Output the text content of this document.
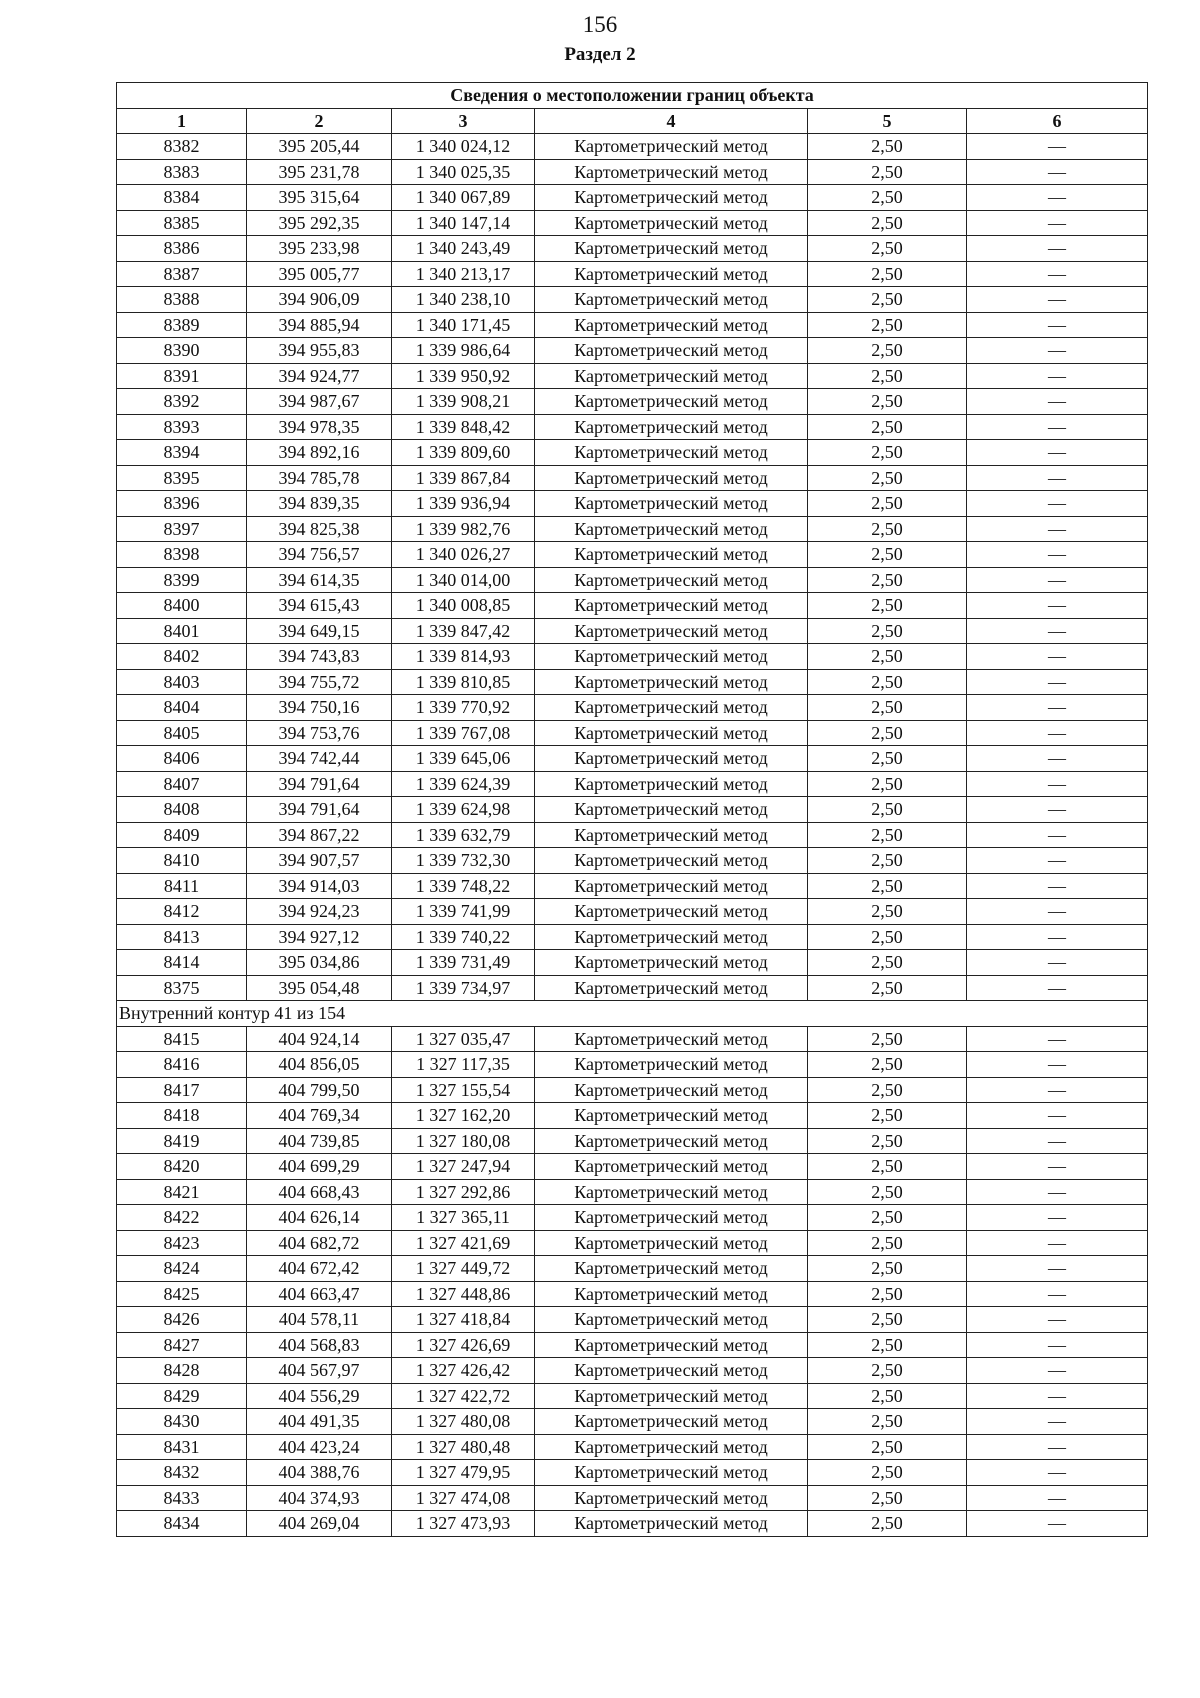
156
Раздел 2
Сведения о местоположении границ объекта					
1	2	3	4	5	6
8382	395 205,44	1 340 024,12	Картометрический метод	2,50	—
8383	395 231,78	1 340 025,35	Картометрический метод	2,50	—
8384	395 315,64	1 340 067,89	Картометрический метод	2,50	—
8385	395 292,35	1 340 147,14	Картометрический метод	2,50	—
8386	395 233,98	1 340 243,49	Картометрический метод	2,50	—
8387	395 005,77	1 340 213,17	Картометрический метод	2,50	—
8388	394 906,09	1 340 238,10	Картометрический метод	2,50	—
8389	394 885,94	1 340 171,45	Картометрический метод	2,50	—
8390	394 955,83	1 339 986,64	Картометрический метод	2,50	—
8391	394 924,77	1 339 950,92	Картометрический метод	2,50	—
8392	394 987,67	1 339 908,21	Картометрический метод	2,50	—
8393	394 978,35	1 339 848,42	Картометрический метод	2,50	—
8394	394 892,16	1 339 809,60	Картометрический метод	2,50	—
8395	394 785,78	1 339 867,84	Картометрический метод	2,50	—
8396	394 839,35	1 339 936,94	Картометрический метод	2,50	—
8397	394 825,38	1 339 982,76	Картометрический метод	2,50	—
8398	394 756,57	1 340 026,27	Картометрический метод	2,50	—
8399	394 614,35	1 340 014,00	Картометрический метод	2,50	—
8400	394 615,43	1 340 008,85	Картометрический метод	2,50	—
8401	394 649,15	1 339 847,42	Картометрический метод	2,50	—
8402	394 743,83	1 339 814,93	Картометрический метод	2,50	—
8403	394 755,72	1 339 810,85	Картометрический метод	2,50	—
8404	394 750,16	1 339 770,92	Картометрический метод	2,50	—
8405	394 753,76	1 339 767,08	Картометрический метод	2,50	—
8406	394 742,44	1 339 645,06	Картометрический метод	2,50	—
8407	394 791,64	1 339 624,39	Картометрический метод	2,50	—
8408	394 791,64	1 339 624,98	Картометрический метод	2,50	—
8409	394 867,22	1 339 632,79	Картометрический метод	2,50	—
8410	394 907,57	1 339 732,30	Картометрический метод	2,50	—
8411	394 914,03	1 339 748,22	Картометрический метод	2,50	—
8412	394 924,23	1 339 741,99	Картометрический метод	2,50	—
8413	394 927,12	1 339 740,22	Картометрический метод	2,50	—
8414	395 034,86	1 339 731,49	Картометрический метод	2,50	—
8375	395 054,48	1 339 734,97	Картометрический метод	2,50	—
Внутренний контур 41 из 154					
8415	404 924,14	1 327 035,47	Картометрический метод	2,50	—
8416	404 856,05	1 327 117,35	Картометрический метод	2,50	—
8417	404 799,50	1 327 155,54	Картометрический метод	2,50	—
8418	404 769,34	1 327 162,20	Картометрический метод	2,50	—
8419	404 739,85	1 327 180,08	Картометрический метод	2,50	—
8420	404 699,29	1 327 247,94	Картометрический метод	2,50	—
8421	404 668,43	1 327 292,86	Картометрический метод	2,50	—
8422	404 626,14	1 327 365,11	Картометрический метод	2,50	—
8423	404 682,72	1 327 421,69	Картометрический метод	2,50	—
8424	404 672,42	1 327 449,72	Картометрический метод	2,50	—
8425	404 663,47	1 327 448,86	Картометрический метод	2,50	—
8426	404 578,11	1 327 418,84	Картометрический метод	2,50	—
8427	404 568,83	1 327 426,69	Картометрический метод	2,50	—
8428	404 567,97	1 327 426,42	Картометрический метод	2,50	—
8429	404 556,29	1 327 422,72	Картометрический метод	2,50	—
8430	404 491,35	1 327 480,08	Картометрический метод	2,50	—
8431	404 423,24	1 327 480,48	Картометрический метод	2,50	—
8432	404 388,76	1 327 479,95	Картометрический метод	2,50	—
8433	404 374,93	1 327 474,08	Картометрический метод	2,50	—
8434	404 269,04	1 327 473,93	Картометрический метод	2,50	—
